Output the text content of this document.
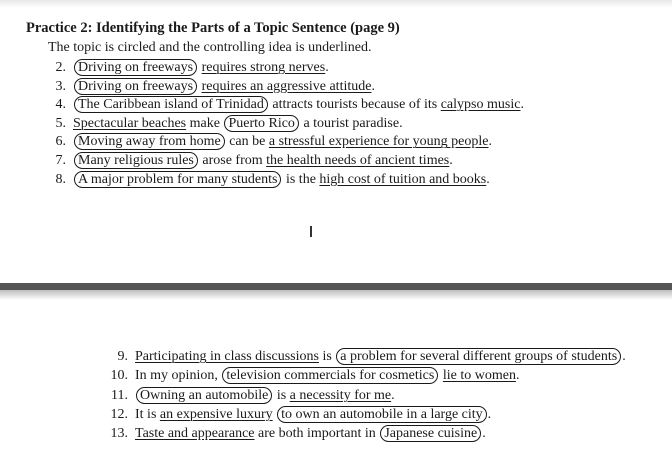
Practice 2: Identifying the Parts of a Topic Sentence (page 9)
The topic is circled and the controlling idea is underlined.
2. Driving on freeways requires strong nerves.
3. Driving on freeways requires an aggressive attitude.
4. The Caribbean island of Trinidad attracts tourists because of its calypso music.
5. Spectacular beaches make Puerto Rico a tourist paradise.
6. Moving away from home can be a stressful experience for young people.
7. Many religious rules arose from the health needs of ancient times.
8. A major problem for many students is the high cost of tuition and books.
9. Participating in class discussions is a problem for several different groups of students .
10. In my opinion, television commercials for cosmetics lie to women.
11. Owning an automobile is a necessity for me.
12. It is an expensive luxury to own an automobile in a large city .
13. Taste and appearance are both important in Japanese cuisine .
